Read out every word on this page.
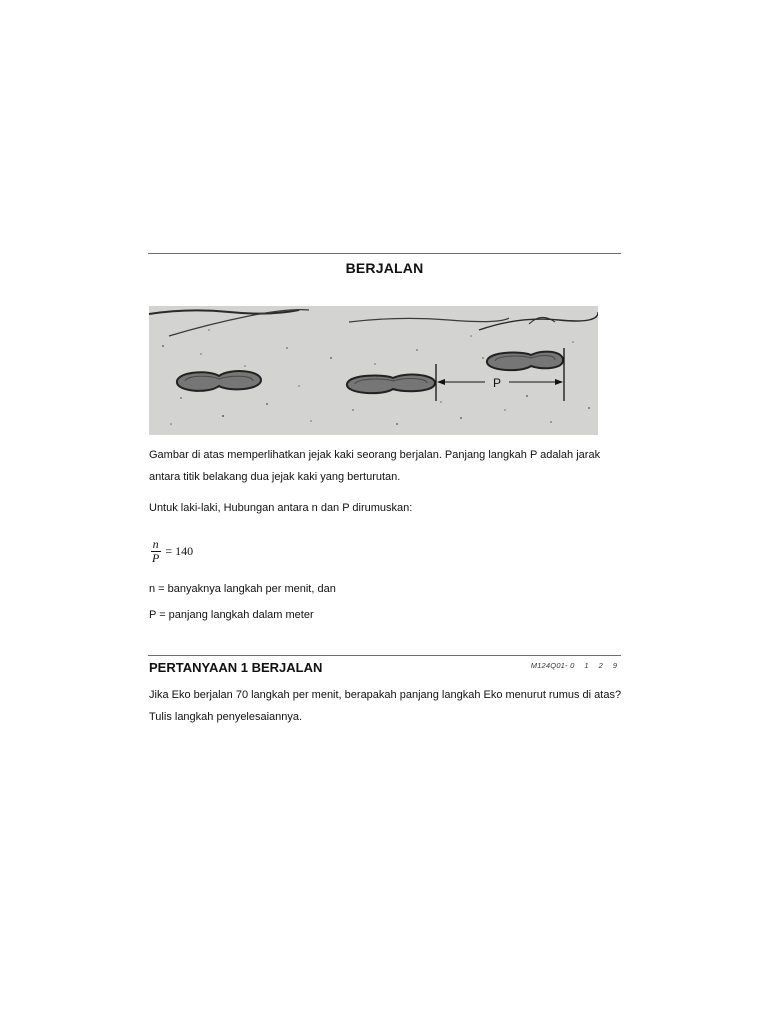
BERJALAN
P
Gambar di atas memperlihatkan jejak kaki seorang berjalan. Panjang langkah P adalah jarak antara titik belakang dua jejak kaki yang berturutan.
Untuk laki-laki, Hubungan antara n dan P dirumuskan:
$\frac{n}{P} = 140$
n = banyaknya langkah per menit, dan
P = panjang langkah dalam meter
PERTANYAAN 1 BERJALAN	M124Q01- 0 1 2 9
Jika Eko berjalan 70 langkah per menit, berapakah panjang langkah Eko menurut rumus di atas? Tulis langkah penyelesaiannya.
